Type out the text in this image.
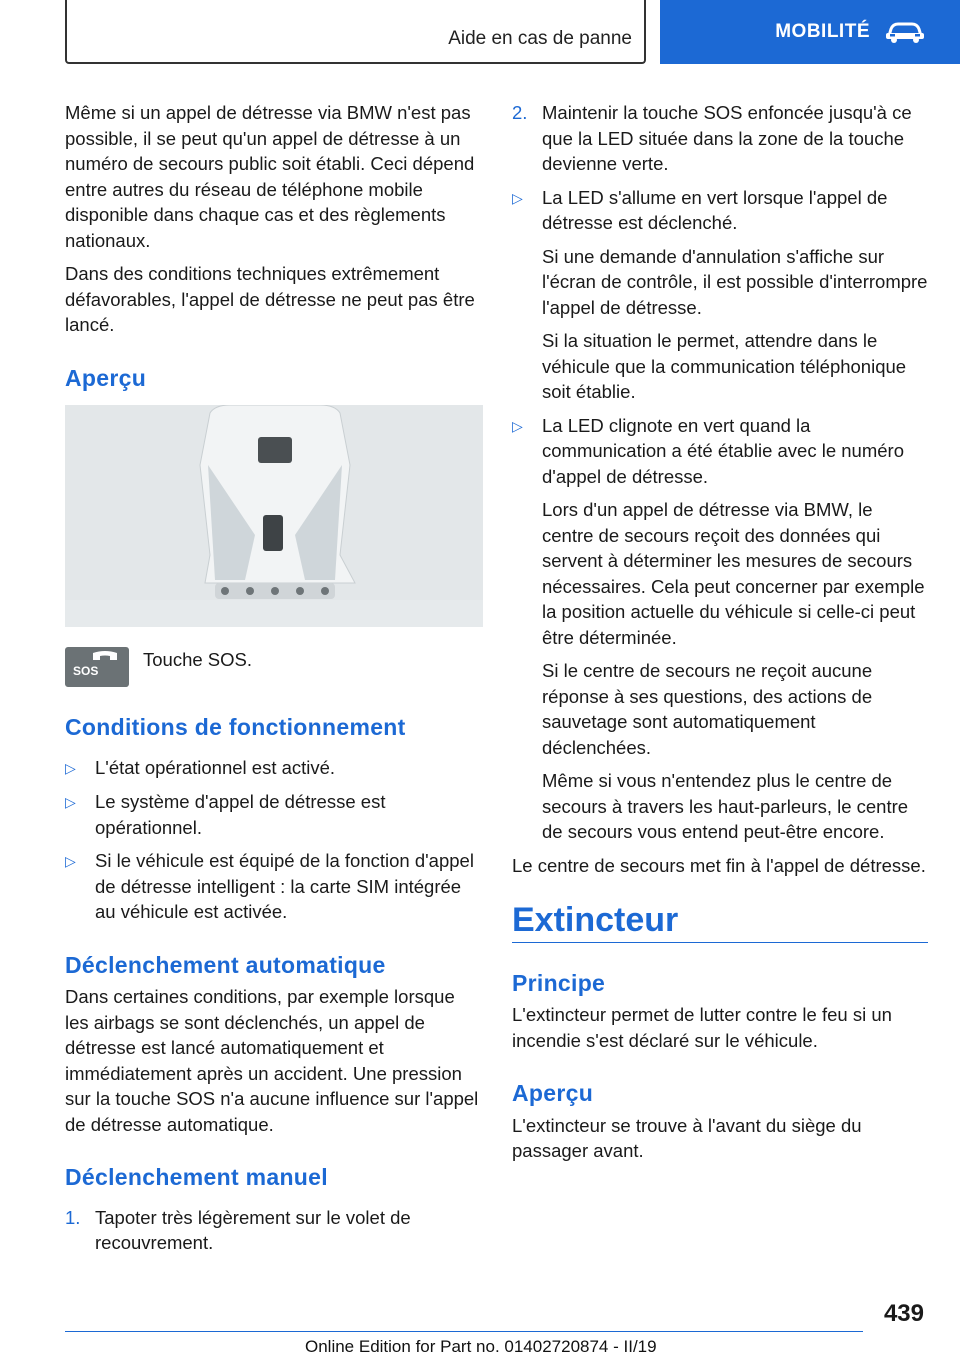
Aide en cas de panne	MOBILITÉ

Même si un appel de détresse via BMW n'est pas possible, il se peut qu'un appel de détresse à un numéro de secours public soit établi. Ceci dépend entre autres du réseau de téléphone mobile disponible dans chaque cas et des règlements nationaux.

Dans des conditions techniques extrêmement défavorables, l'appel de détresse ne peut pas être lancé.

Aperçu
SOS
Touche SOS.
Conditions de fonctionnement
▷	L'état opérationnel est activé.
▷	Le système d'appel de détresse est opérationnel.
▷	Si le véhicule est équipé de la fonction d'appel de détresse intelligent : la carte SIM intégrée au véhicule est activée.
Déclenchement automatique

Dans certaines conditions, par exemple lorsque les airbags se sont déclenchés, un appel de détresse est lancé automatiquement et immédiatement après un accident. Une pression sur la touche SOS n'a aucune influence sur l'appel de détresse automatique.

Déclenchement manuel
1. Tapoter très légèrement sur le volet de recouvrement.
2. Maintenir la touche SOS enfoncée jusqu'à ce que la LED située dans la zone de la touche devienne verte.
▷	La LED s'allume en vert lorsque l'appel de détresse est déclenché.

Si une demande d'annulation s'affiche sur l'écran de contrôle, il est possible d'interrompre l'appel de détresse.

Si la situation le permet, attendre dans le véhicule que la communication téléphonique soit établie.

▷	La LED clignote en vert quand la communication a été établie avec le numéro d'appel de détresse.

Lors d'un appel de détresse via BMW, le centre de secours reçoit des données qui servent à déterminer les mesures de secours nécessaires. Cela peut concerner par exemple la position actuelle du véhicule si celle-ci peut être déterminée.

Si le centre de secours ne reçoit aucune réponse à ses questions, des actions de sauvetage sont automatiquement déclenchées.

Même si vous n'entendez plus le centre de secours à travers les haut-parleurs, le centre de secours vous entend peut-être encore.

Le centre de secours met fin à l'appel de détresse.

Extincteur
Principe

L'extincteur permet de lutter contre le feu si un incendie s'est déclaré sur le véhicule.

Aperçu

L'extincteur se trouve à l'avant du siège du passager avant.

439
Online Edition for Part no. 01402720874 - II/19
